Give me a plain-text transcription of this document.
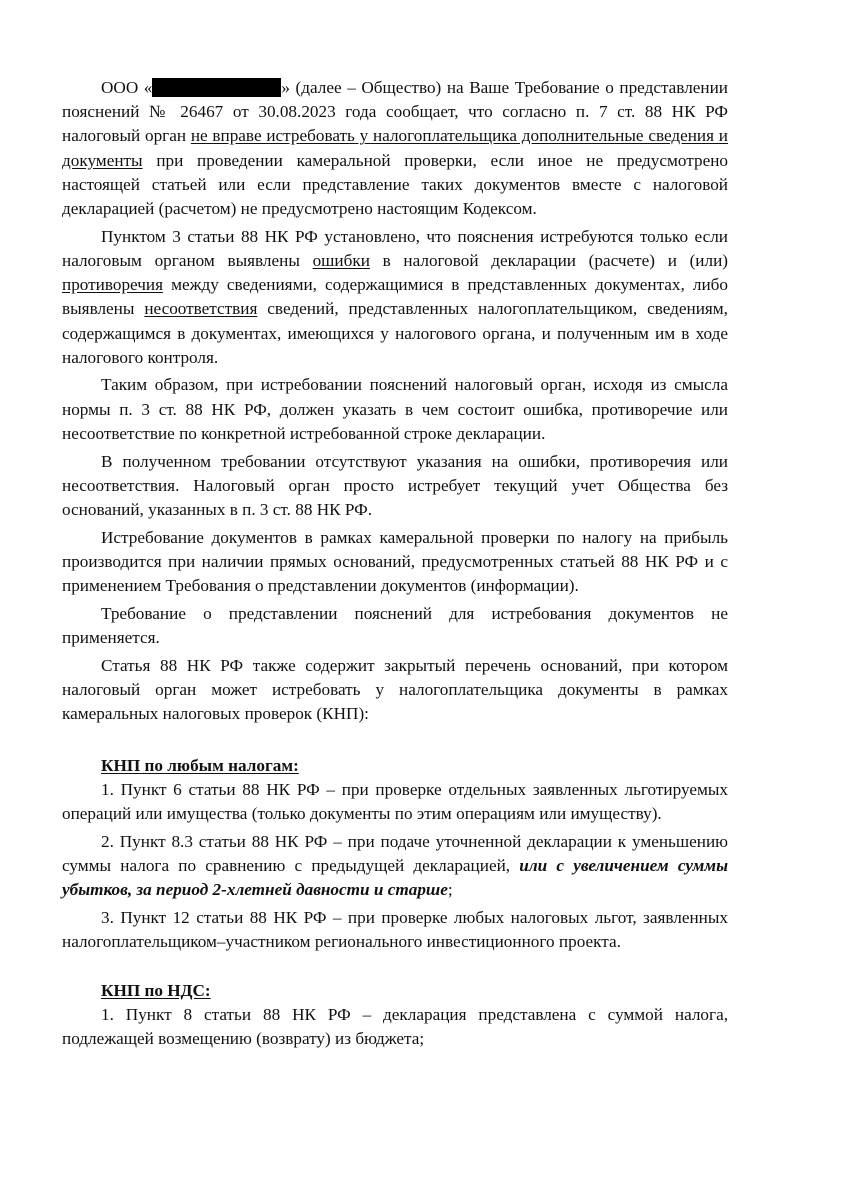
ООО «	» (далее – Общество) на Ваше Требование о представлении пояснений № 26467 от 30.08.2023 года сообщает, что согласно п. 7 ст. 88 НК РФ налоговый орган не вправе истребовать у налогоплательщика дополнительные сведения и документы при проведении камеральной проверки, если иное не предусмотрено настоящей статьей или если представление таких документов вместе с налоговой декларацией (расчетом) не предусмотрено настоящим Кодексом.

Пунктом 3 статьи 88 НК РФ установлено, что пояснения истребуются только если налоговым органом выявлены ошибки в налоговой декларации (расчете) и (или) противоречия между сведениями, содержащимися в представленных документах, либо выявлены несоответствия сведений, представленных налогоплательщиком, сведениям, содержащимся в документах, имеющихся у налогового органа, и полученным им в ходе налогового контроля.

Таким образом, при истребовании пояснений налоговый орган, исходя из смысла нормы п. 3 ст. 88 НК РФ, должен указать в чем состоит ошибка, противоречие или несоответствие по конкретной истребованной строке декларации.

В полученном требовании отсутствуют указания на ошибки, противоречия или несоответствия. Налоговый орган просто истребует текущий учет Общества без оснований, указанных в п. 3 ст. 88 НК РФ.

Истребование документов в рамках камеральной проверки по налогу на прибыль производится при наличии прямых оснований, предусмотренных статьей 88 НК РФ и с применением Требования о представлении документов (информации).

Требование о представлении пояснений для истребования документов не применяется.

Статья 88 НК РФ также содержит закрытый перечень оснований, при котором налоговый орган может истребовать у налогоплательщика документы в рамках камеральных налоговых проверок (КНП):

КНП по любым налогам:

1. Пункт 6 статьи 88 НК РФ – при проверке отдельных заявленных льготируемых операций или имущества (только документы по этим операциям или имуществу).

2. Пункт 8.3 статьи 88 НК РФ – при подаче уточненной декларации к уменьшению суммы налога по сравнению с предыдущей декларацией, или с увеличением суммы убытков, за период 2-хлетней давности и старше;

3. Пункт 12 статьи 88 НК РФ – при проверке любых налоговых льгот, заявленных налогоплательщиком–участником регионального инвестиционного проекта.

КНП по НДС:

1. Пункт 8 статьи 88 НК РФ – декларация представлена с суммой налога, подлежащей возмещению (возврату) из бюджета;
